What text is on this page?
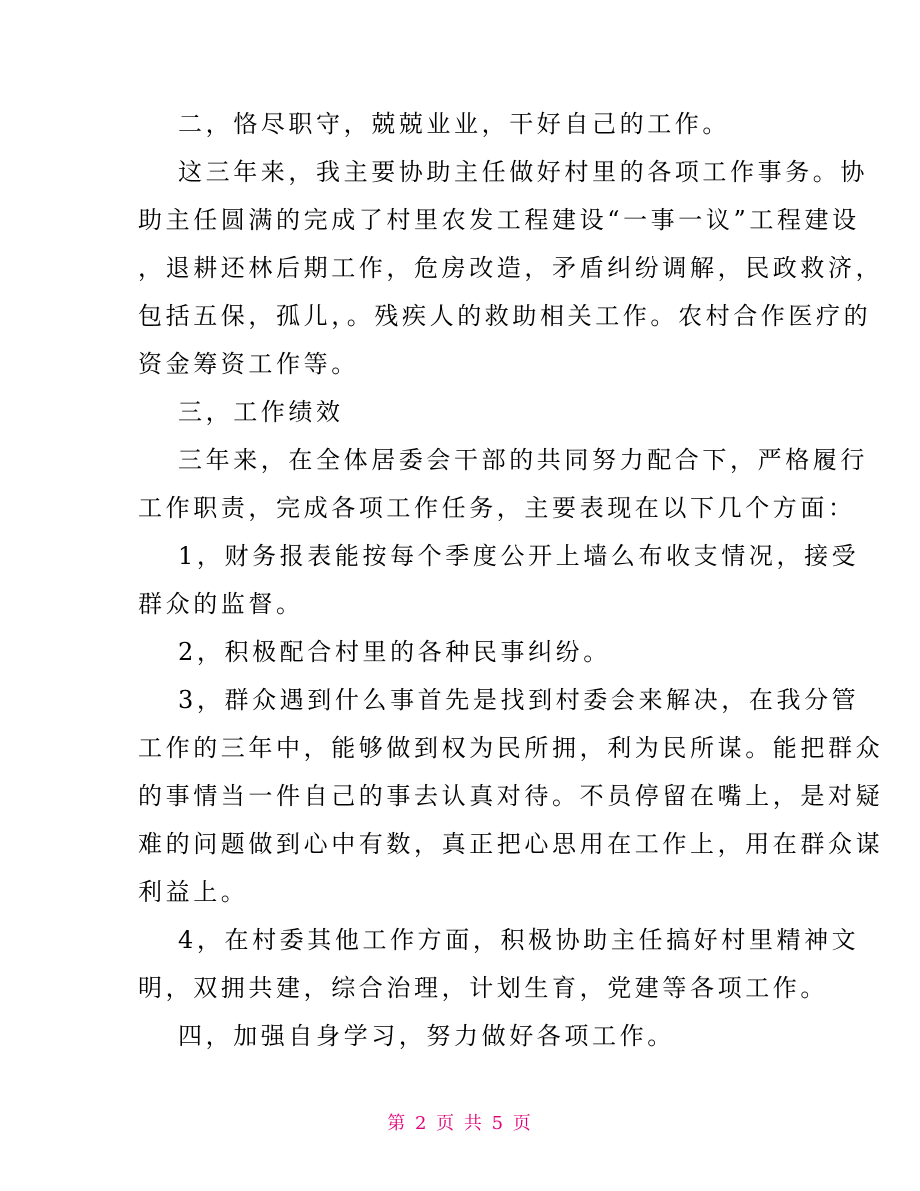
二，恪尽职守，兢兢业业，干好自己的工作。
这三年来，我主要协助主任做好村里的各项工作事务。协
助主任圆满的完成了村里农发工程建设“一事一议”工程建设
，退耕还林后期工作，危房改造，矛盾纠纷调解，民政救济，
包括五保，孤儿，。残疾人的救助相关工作。农村合作医疗的
资金筹资工作等。
三，工作绩效
三年来，在全体居委会干部的共同努力配合下，严格履行
工作职责，完成各项工作任务，主要表现在以下几个方面：
1，财务报表能按每个季度公开上墙么布收支情况，接受
群众的监督。
2，积极配合村里的各种民事纠纷。
3，群众遇到什么事首先是找到村委会来解决，在我分管
工作的三年中，能够做到权为民所拥，利为民所谋。能把群众
的事情当一件自己的事去认真对待。不员停留在嘴上，是对疑
难的问题做到心中有数，真正把心思用在工作上，用在群众谋
利益上。
4，在村委其他工作方面，积极协助主任搞好村里精神文
明，双拥共建，综合治理，计划生育，党建等各项工作。
四，加强自身学习，努力做好各项工作。
第 2 页 共 5 页
